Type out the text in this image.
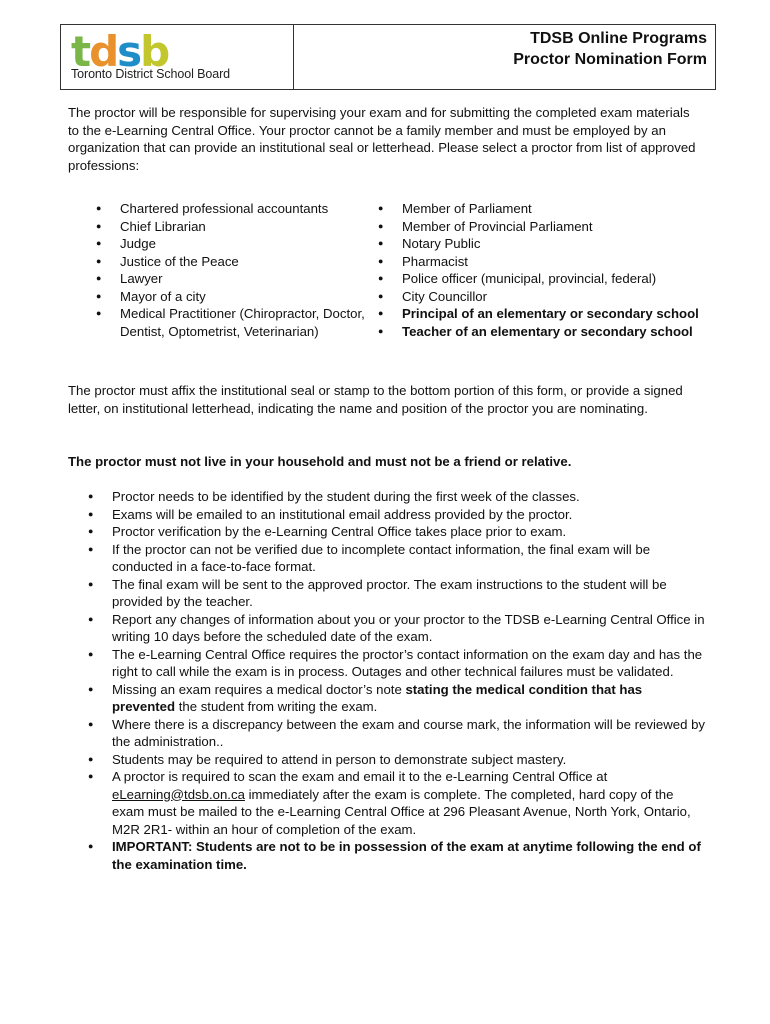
tdsb
Toronto District School Board
TDSB Online Programs
Proctor Nomination Form

The proctor will be responsible for supervising your exam and for submitting the completed exam materials to the e-Learning Central Office. Your proctor cannot be a family member and must be employed by an organization that can provide an institutional seal or letterhead. Please select a proctor from list of approved professions:

● Chartered professional accountants
● Chief Librarian
● Judge
● Justice of the Peace
● Lawyer
● Mayor of a city
● Medical Practitioner (Chiropractor, Doctor, Dentist, Optometrist, Veterinarian)
● Member of Parliament
● Member of Provincial Parliament
● Notary Public
● Pharmacist
● Police officer (municipal, provincial, federal)
● City Councillor
● Principal of an elementary or secondary school
● Teacher of an elementary or secondary school

The proctor must affix the institutional seal or stamp to the bottom portion of this form, or provide a signed letter, on institutional letterhead, indicating the name and position of the proctor you are nominating.

The proctor must not live in your household and must not be a friend or relative.

● Proctor needs to be identified by the student during the first week of the classes.
● Exams will be emailed to an institutional email address provided by the proctor.
● Proctor verification by the e-Learning Central Office takes place prior to exam.
● If the proctor can not be verified due to incomplete contact information, the final exam will be conducted in a face-to-face format.
● The final exam will be sent to the approved proctor. The exam instructions to the student will be provided by the teacher.
● Report any changes of information about you or your proctor to the TDSB e-Learning Central Office in writing 10 days before the scheduled date of the exam.
● The e-Learning Central Office requires the proctor’s contact information on the exam day and has the right to call while the exam is in process. Outages and other technical failures must be validated.
● Missing an exam requires a medical doctor’s note stating the medical condition that has prevented the student from writing the exam.
● Where there is a discrepancy between the exam and course mark, the information will be reviewed by the administration..
● Students may be required to attend in person to demonstrate subject mastery.
● A proctor is required to scan the exam and email it to the e-Learning Central Office at eLearning@tdsb.on.ca immediately after the exam is complete. The completed, hard copy of the exam must be mailed to the e-Learning Central Office at 296 Pleasant Avenue, North York, Ontario, M2R 2R1- within an hour of completion of the exam.
● IMPORTANT: Students are not to be in possession of the exam at anytime following the end of the examination time.
